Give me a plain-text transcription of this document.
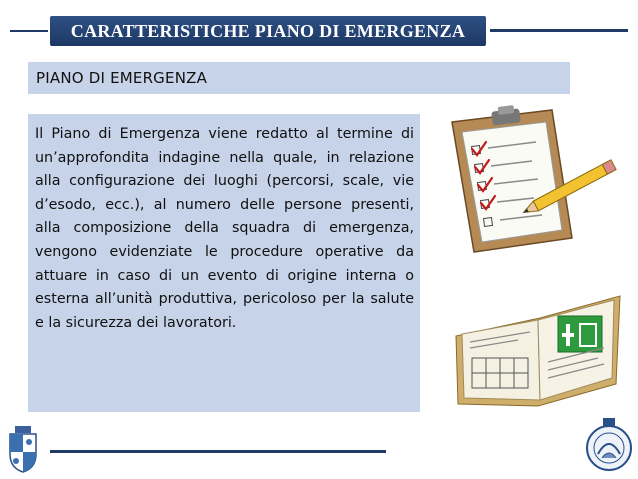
CARATTERISTICHE PIANO DI EMERGENZA
PIANO DI EMERGENZA

Il Piano di Emergenza viene redatto al termine di un’approfondita indagine nella quale, in relazione alla configurazione dei luoghi (percorsi, scale, vie d’esodo, ecc.), al numero delle persone presenti, alla composizione della squadra di emergenza, vengono evidenziate le procedure operative da attuare in caso di un evento di origine interna o esterna all’unità produttiva, pericoloso per la salute e la sicurezza dei lavoratori.
